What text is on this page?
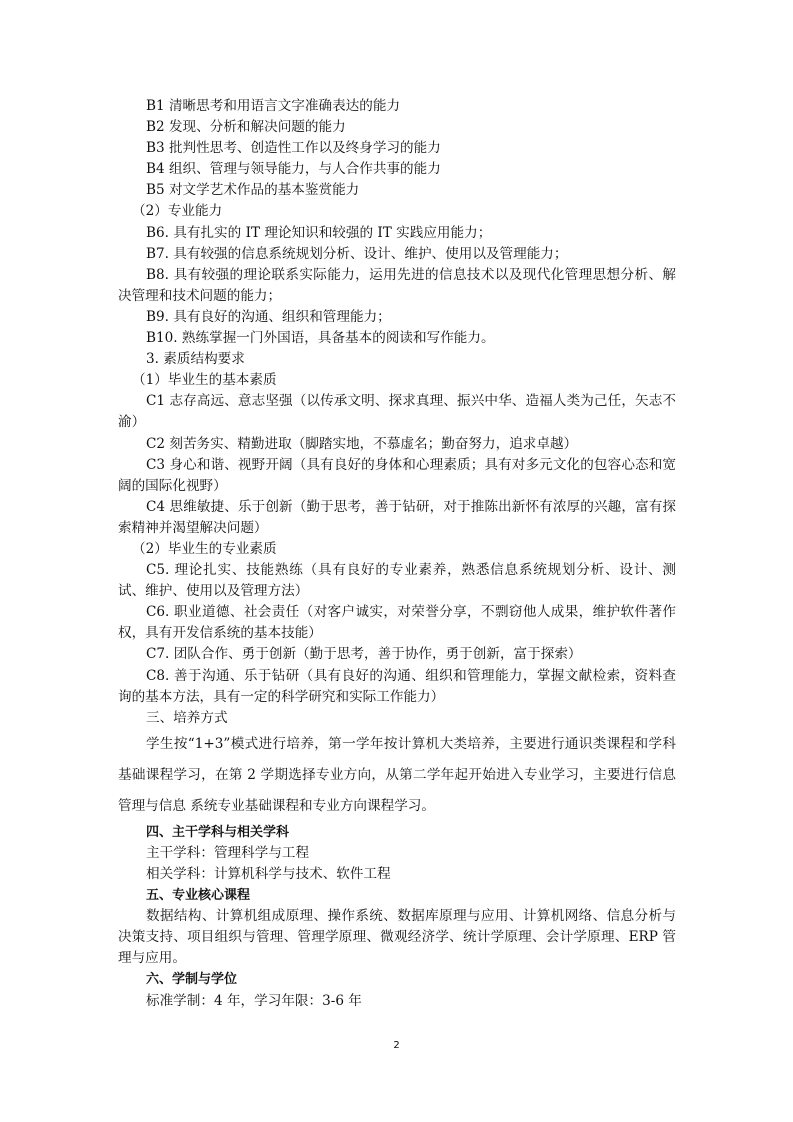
B1 清晰思考和用语言文字准确表达的能力

B2 发现、分析和解决问题的能力

B3 批判性思考、创造性工作以及终身学习的能力

B4 组织、管理与领导能力，与人合作共事的能力

B5 对文学艺术作品的基本鉴赏能力

（2）专业能力

B6. 具有扎实的 IT 理论知识和较强的 IT 实践应用能力；

B7. 具有较强的信息系统规划分析、设计、维护、使用以及管理能力；

B8. 具有较强的理论联系实际能力，运用先进的信息技术以及现代化管理思想分析、解决管理和技术问题的能力；

B9. 具有良好的沟通、组织和管理能力；

B10. 熟练掌握一门外国语，具备基本的阅读和写作能力。

3. 素质结构要求

（1）毕业生的基本素质

C1 志存高远、意志坚强（以传承文明、探求真理、振兴中华、造福人类为己任，矢志不渝）

C2 刻苦务实、精勤进取（脚踏实地，不慕虚名；勤奋努力，追求卓越）

C3 身心和谐、视野开阔（具有良好的身体和心理素质；具有对多元文化的包容心态和宽阔的国际化视野）

C4 思维敏捷、乐于创新（勤于思考，善于钻研，对于推陈出新怀有浓厚的兴趣，富有探索精神并渴望解决问题）

（2）毕业生的专业素质

C5. 理论扎实、技能熟练（具有良好的专业素养，熟悉信息系统规划分析、设计、测试、维护、使用以及管理方法）

C6. 职业道德、社会责任（对客户诚实，对荣誉分享，不剽窃他人成果，维护软件著作权，具有开发信系统的基本技能）

C7. 团队合作、勇于创新（勤于思考，善于协作，勇于创新，富于探索）

C8. 善于沟通、乐于钻研（具有良好的沟通、组织和管理能力，掌握文献检索，资料查询的基本方法，具有一定的科学研究和实际工作能力）

三、培养方式

学生按“1+3”模式进行培养，第一学年按计算机大类培养，主要进行通识类课程和学科基础课程学习，在第 2 学期选择专业方向，从第二学年起开始进入专业学习，主要进行信息管理与信息 系统专业基础课程和专业方向课程学习。

四、主干学科与相关学科

主干学科：管理科学与工程

相关学科：计算机科学与技术、软件工程

五、专业核心课程

数据结构、计算机组成原理、操作系统、数据库原理与应用、计算机网络、信息分析与决策支持、项目组织与管理、管理学原理、微观经济学、统计学原理、会计学原理、ERP 管理与应用。

六、学制与学位

标准学制：4 年，学习年限：3-6 年

2
